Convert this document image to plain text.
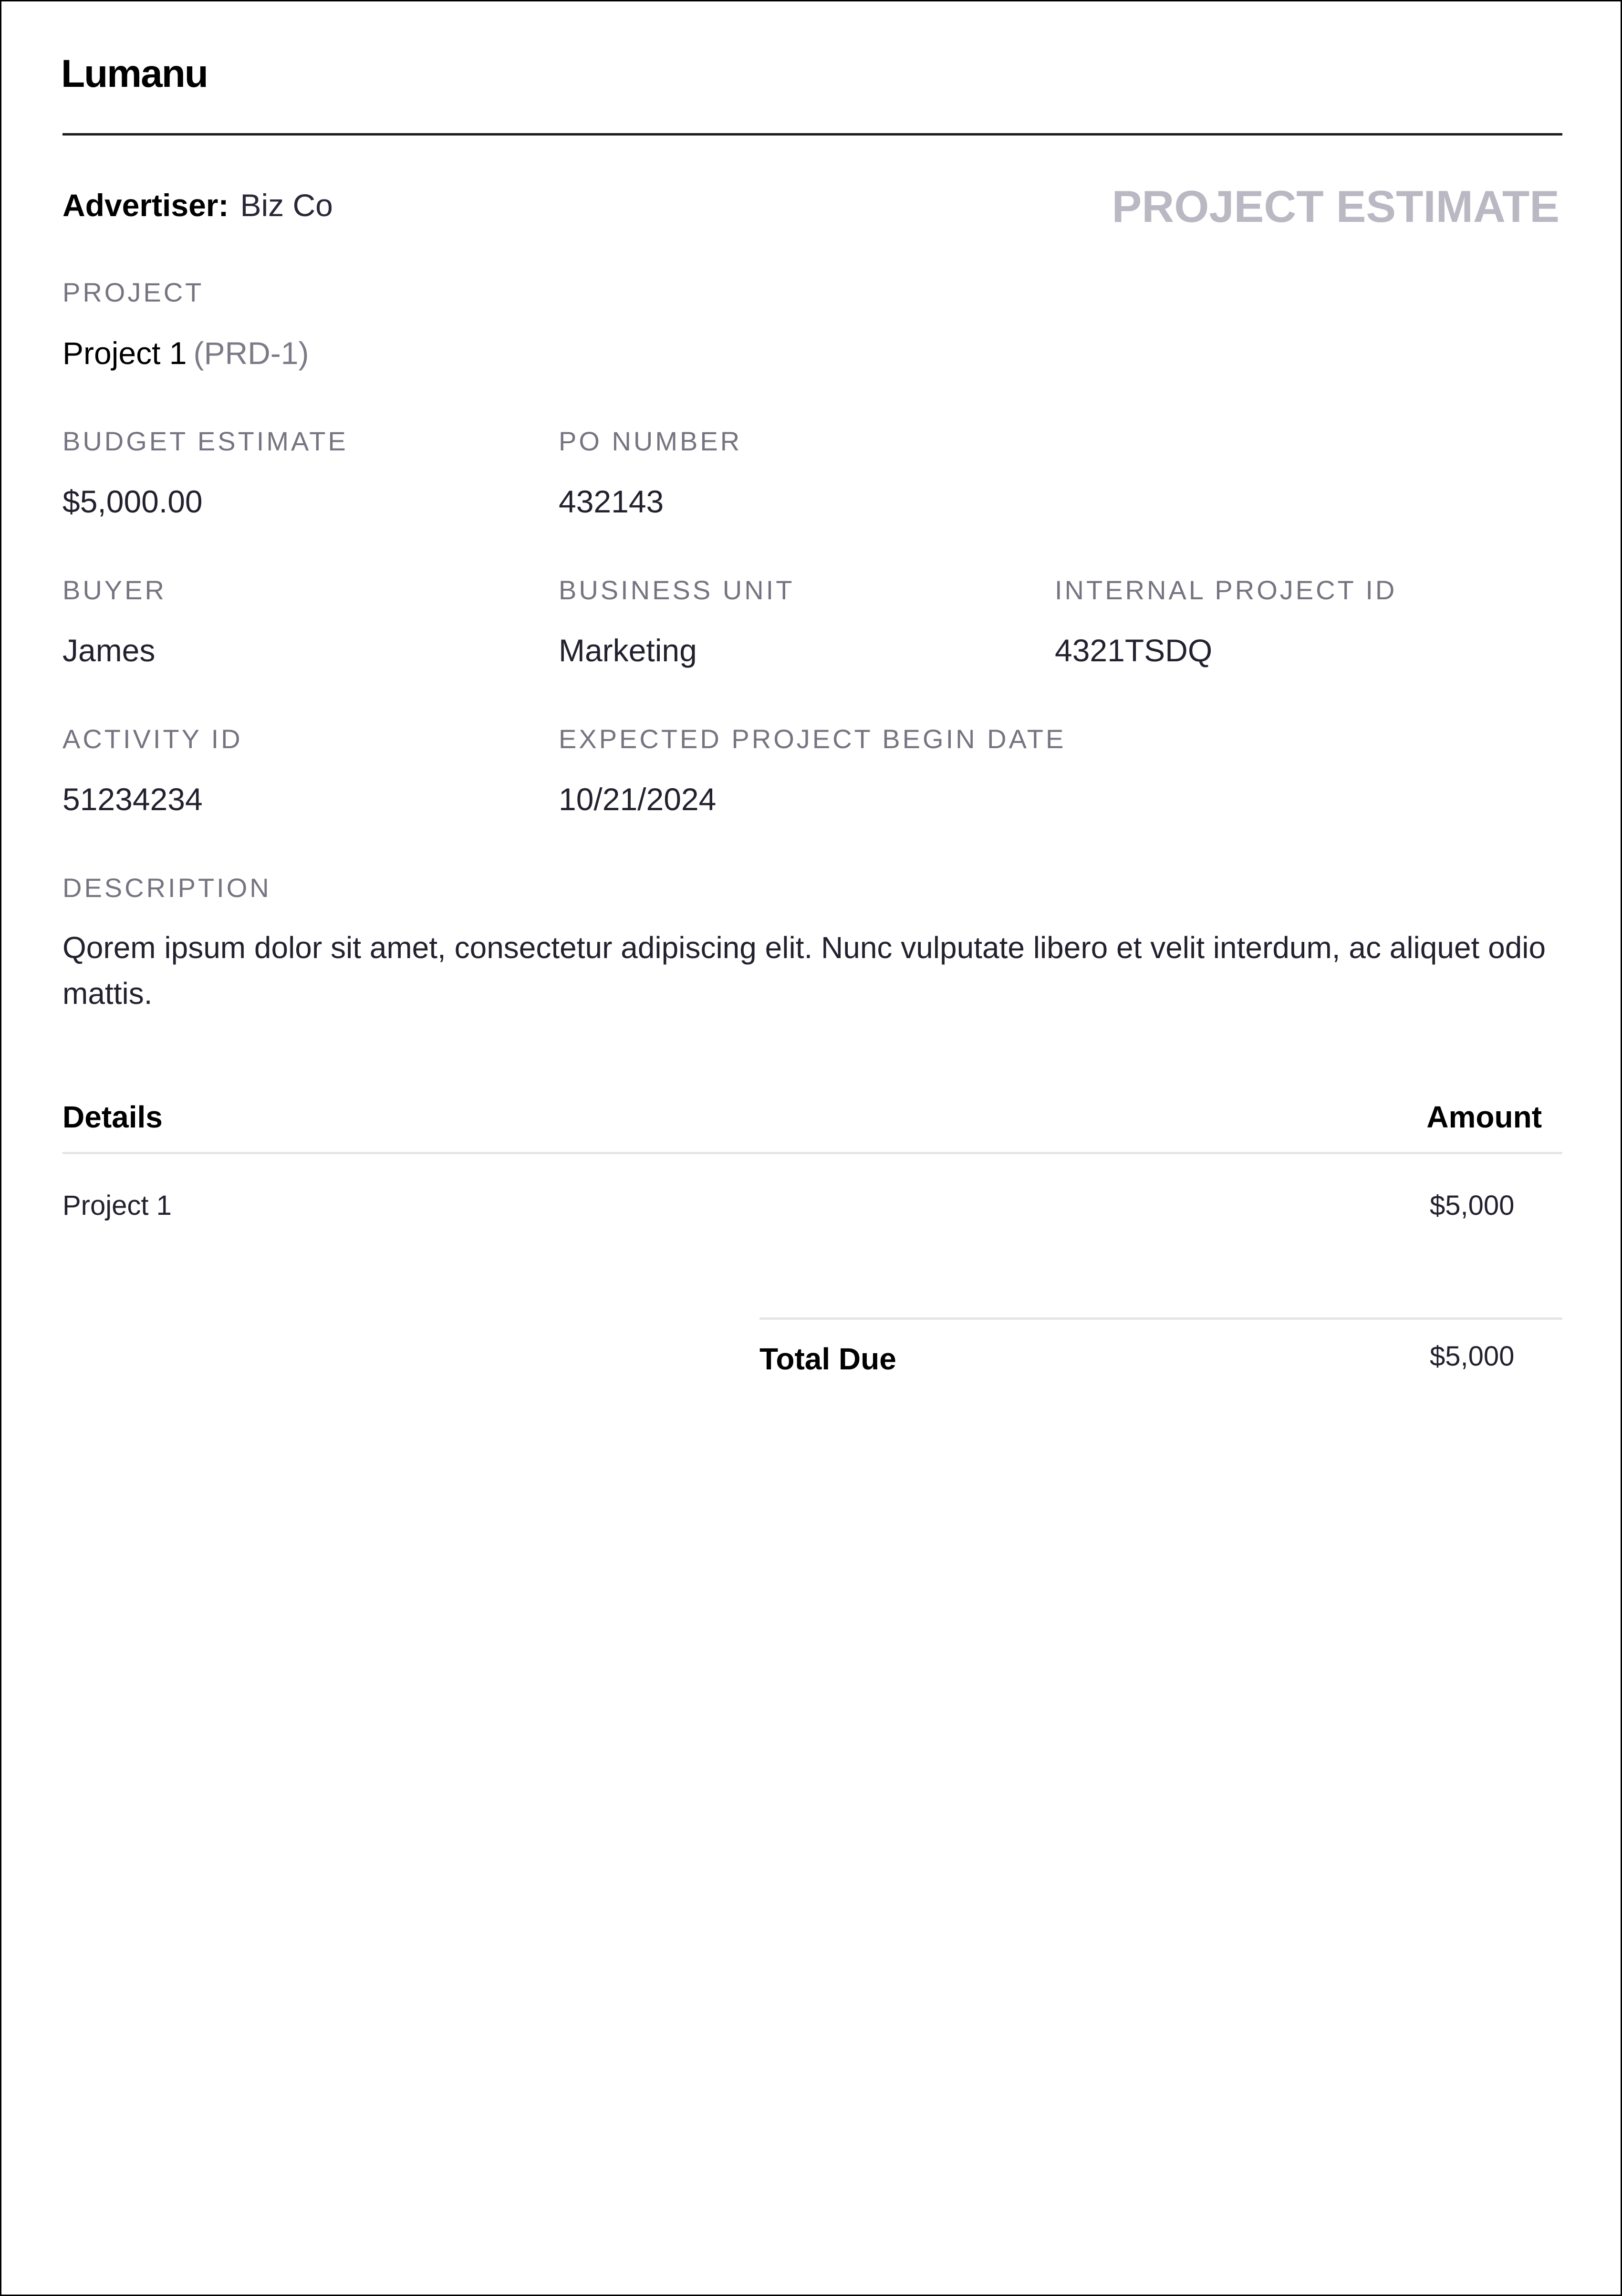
Lumanu
Advertiser: Biz Co	PROJECT ESTIMATE
PROJECT
Project 1 (PRD-1)
BUDGET ESTIMATE
$5,000.00
PO NUMBER
432143
BUYER
James
BUSINESS UNIT
Marketing
INTERNAL PROJECT ID
4321TSDQ
ACTIVITY ID
51234234
EXPECTED PROJECT BEGIN DATE
10/21/2024
DESCRIPTION
Qorem ipsum dolor sit amet, consectetur adipiscing elit. Nunc vulputate libero et velit interdum, ac aliquet odio mattis.
Details	Amount
Project 1	$5,000
Total Due	$5,000
